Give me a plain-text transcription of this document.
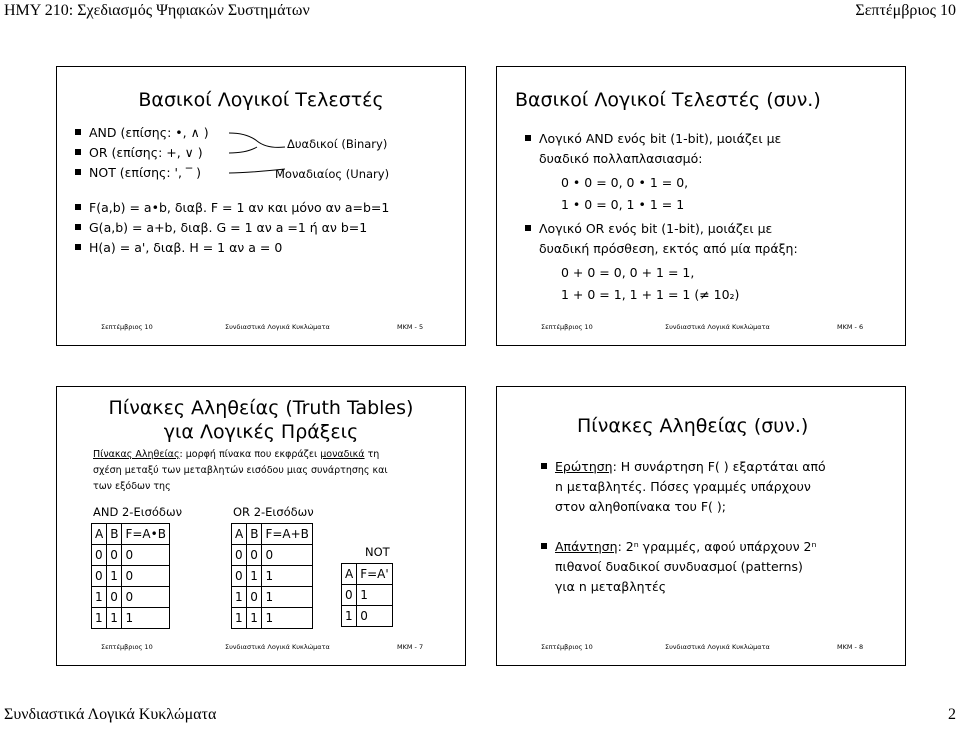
ΗΜΥ 210: Σχεδιασμός Ψηφιακών Συστημάτων	Σεπτέμβριος 10
Βασικοί Λογικοί Τελεστές
AND (επίσης: •, ∧ )
OR (επίσης: +, ∨ )
NOT (επίσης: ', ‾ )
Δυαδικοί (Binary)
Μοναδιαίος (Unary)
F(a,b) = a•b, διαβ. F = 1 αν και μόνο αν a=b=1
G(a,b) = a+b, διαβ. G = 1 αν a =1 ή αν b=1
H(a) = a', διαβ. H = 1 αν a = 0
Σεπτέμβριος 10	Συνδιαστικά Λογικά Κυκλώματα	MKM - 5
Βασικοί Λογικοί Τελεστές (συν.)
Λογικό AND ενός bit (1-bit), μοιάζει με
δυαδικό πολλαπλασιασμό:
0 • 0 = 0, 0 • 1 = 0,
1 • 0 = 0, 1 • 1 = 1
Λογικό OR ενός bit (1-bit), μοιάζει με
δυαδική πρόσθεση, εκτός από μία πράξη:
0 + 0 = 0, 0 + 1 = 1,
1 + 0 = 1, 1 + 1 = 1 (≠ 10₂)
Σεπτέμβριος 10	Συνδιαστικά Λογικά Κυκλώματα	MKM - 6
Πίνακες Αληθείας (Truth Tables)
για Λογικές Πράξεις
Πίνακας Αληθείας: μορφή πίνακα που εκφράζει μοναδικά τη
σχέση μεταξύ των μεταβλητών εισόδου μιας συνάρτησης και
των εξόδων της
AND 2-Εισόδων
A	B	F=A•B
0	0	0
0	1	0
1	0	0
1	1	1
OR 2-Εισόδων
A	B	F=A+B
0	0	0
0	1	1
1	0	1
1	1	1
NOT
A	F=A'
0	1
1	0
Σεπτέμβριος 10	Συνδιαστικά Λογικά Κυκλώματα	MKM - 7
Πίνακες Αληθείας (συν.)
Ερώτηση: Η συνάρτηση F( ) εξαρτάται από
n μεταβλητές. Πόσες γραμμές υπάρχουν
στον αληθοπίνακα του F( );
Απάντηση: 2ⁿ γραμμές, αφού υπάρχουν 2ⁿ
πιθανοί δυαδικοί συνδυασμοί (patterns)
για n μεταβλητές
Σεπτέμβριος 10	Συνδιαστικά Λογικά Κυκλώματα	MKM - 8
Συνδιαστικά Λογικά Κυκλώματα	2
